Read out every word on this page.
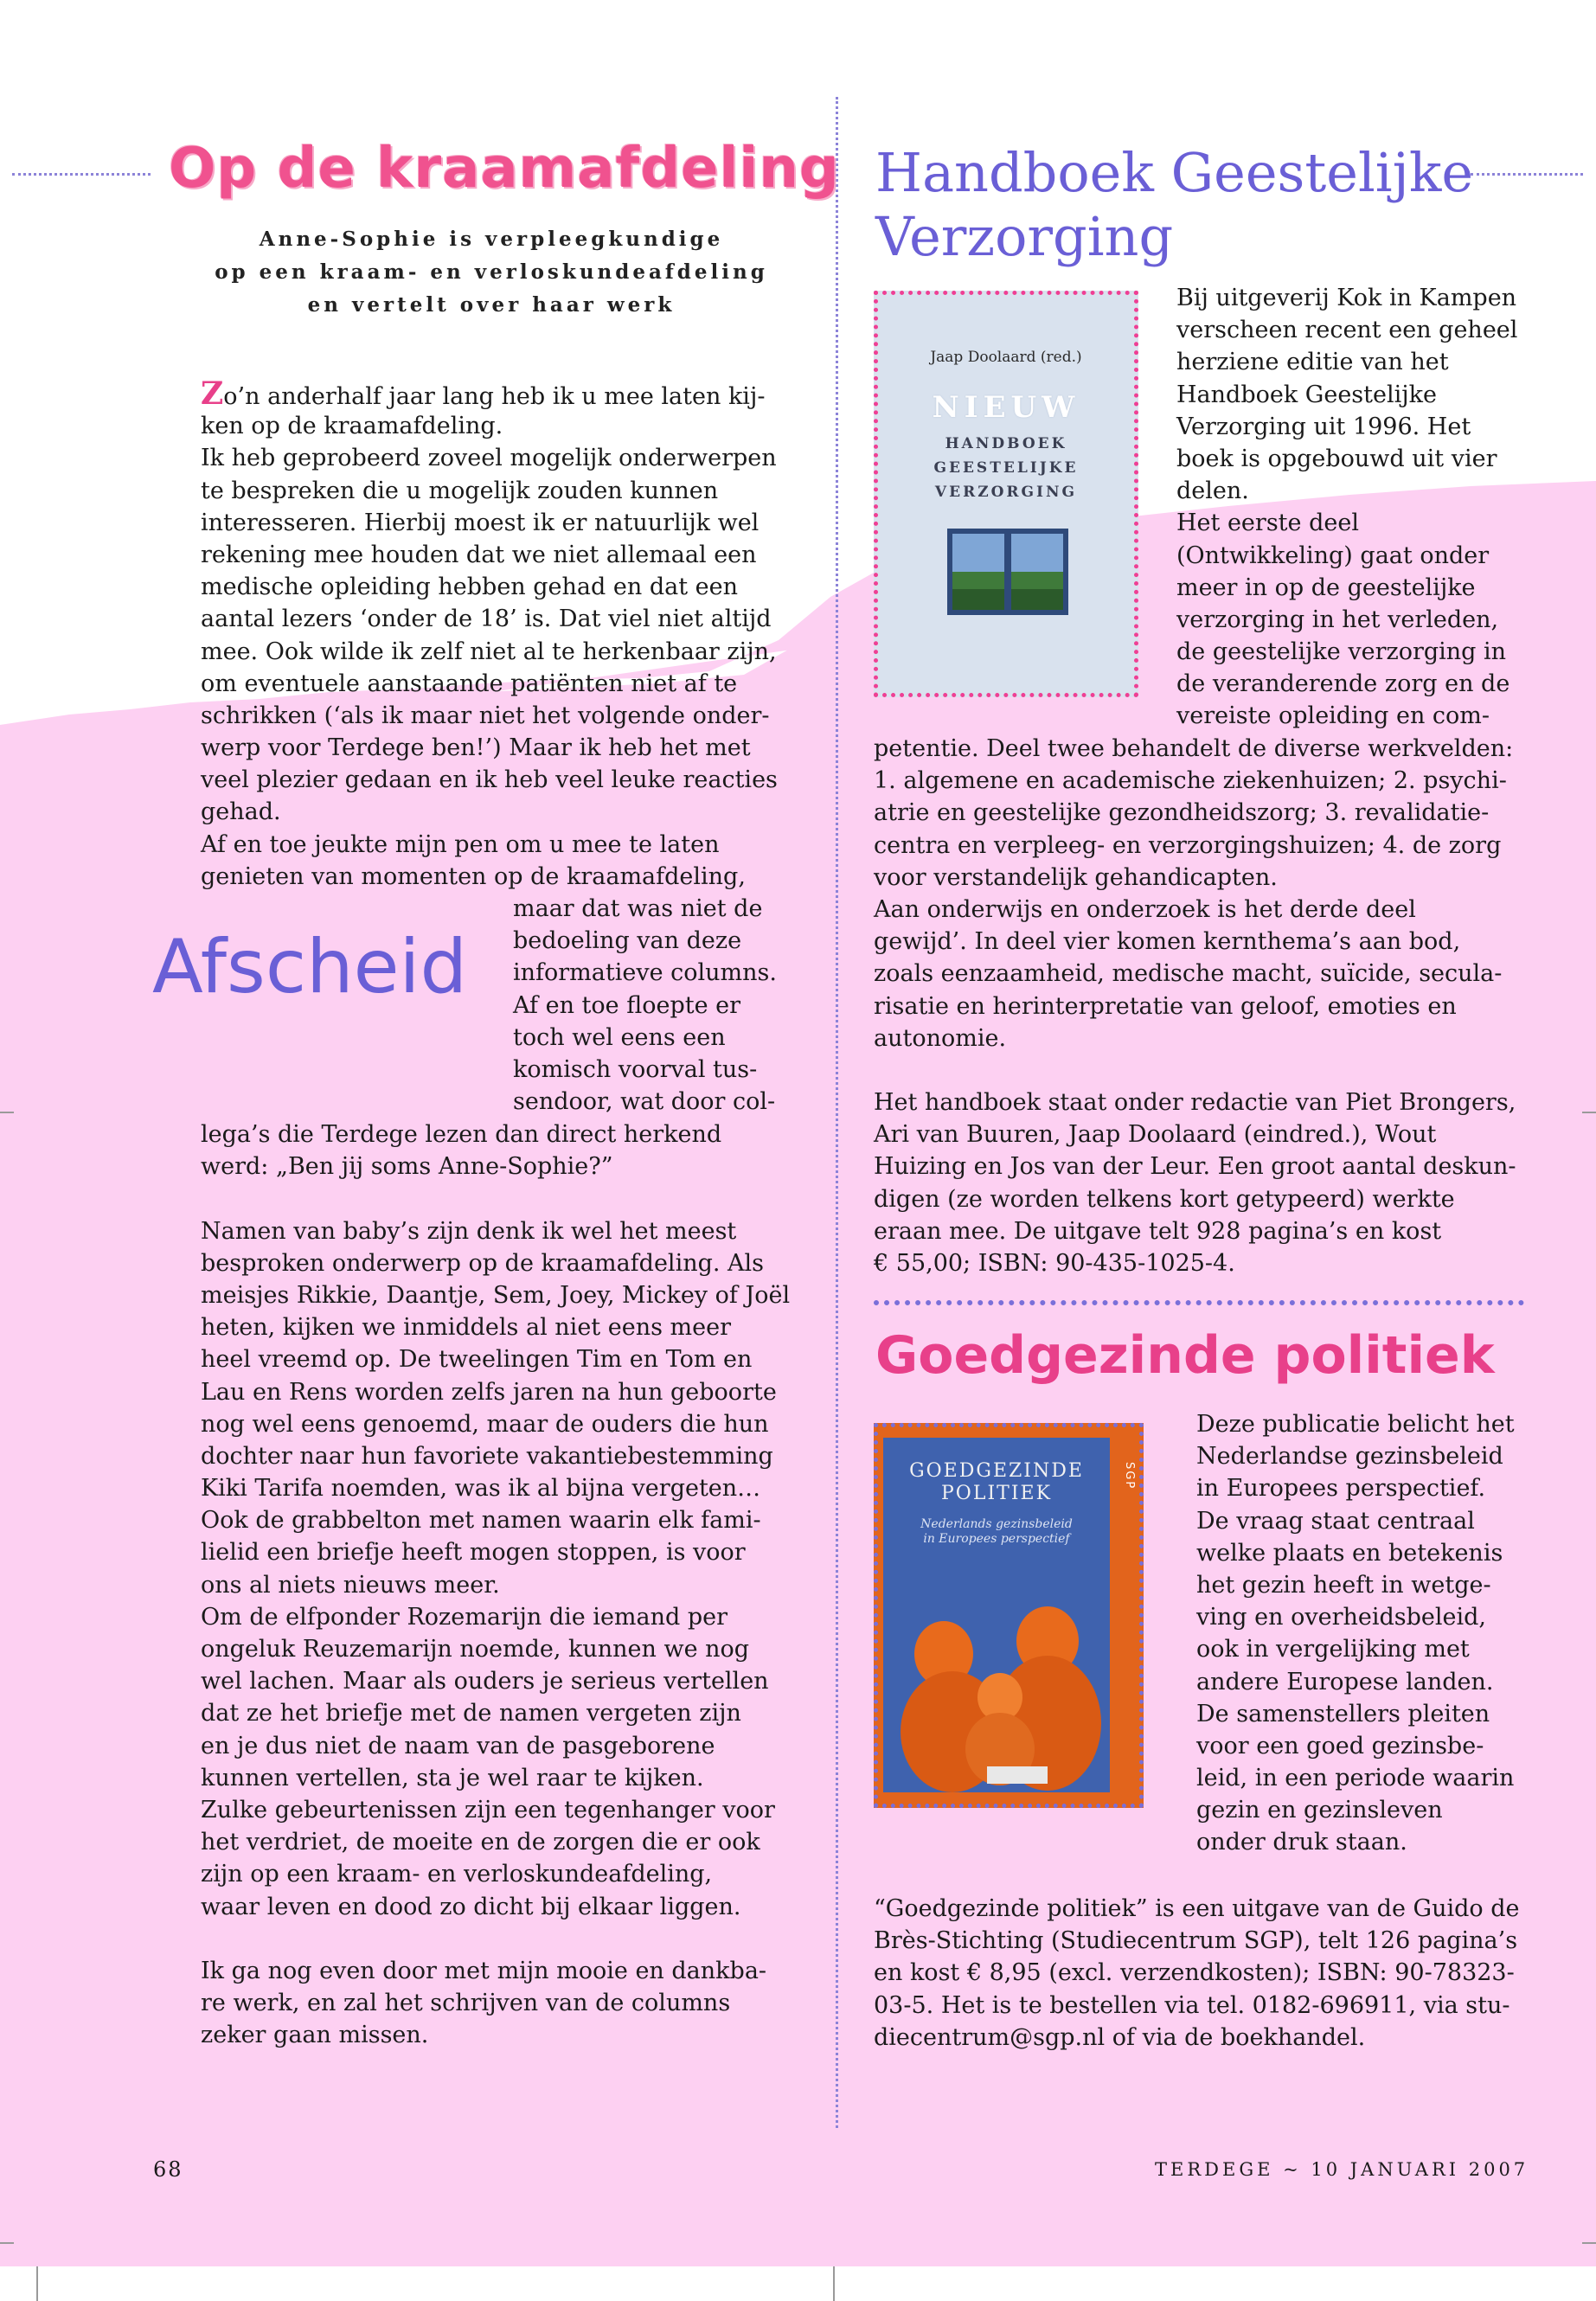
Op de kraamafdeling
Anne-Sophie is verpleegkundige
op een kraam- en verloskundeafdeling
en vertelt over haar werk
Zo’n anderhalf jaar lang heb ik u mee laten kij-
ken op de kraamafdeling.
Ik heb geprobeerd zoveel mogelijk onderwerpen
te bespreken die u mogelijk zouden kunnen
interesseren. Hierbij moest ik er natuurlijk wel
rekening mee houden dat we niet allemaal een
medische opleiding hebben gehad en dat een
aantal lezers ‘onder de 18’ is. Dat viel niet altijd
mee. Ook wilde ik zelf niet al te herkenbaar zijn,
om eventuele aanstaande patiënten niet af te
schrikken (‘als ik maar niet het volgende onder-
werp voor Terdege ben!’) Maar ik heb het met
veel plezier gedaan en ik heb veel leuke reacties
gehad.
Af en toe jeukte mijn pen om u mee te laten
genieten van momenten op de kraamafdeling,
Afscheid
maar dat was niet de
bedoeling van deze
informatieve columns.
Af en toe floepte er
toch wel eens een
komisch voorval tus-
sendoor, wat door col-
lega’s die Terdege lezen dan direct herkend
werd: „Ben jij soms Anne-Sophie?”
Namen van baby’s zijn denk ik wel het meest
besproken onderwerp op de kraamafdeling. Als
meisjes Rikkie, Daantje, Sem, Joey, Mickey of Joël
heten, kijken we inmiddels al niet eens meer
heel vreemd op. De tweelingen Tim en Tom en
Lau en Rens worden zelfs jaren na hun geboorte
nog wel eens genoemd, maar de ouders die hun
dochter naar hun favoriete vakantiebestemming
Kiki Tarifa noemden, was ik al bijna vergeten…
Ook de grabbelton met namen waarin elk fami-
lielid een briefje heeft mogen stoppen, is voor
ons al niets nieuws meer.
Om de elfponder Rozemarijn die iemand per
ongeluk Reuzemarijn noemde, kunnen we nog
wel lachen. Maar als ouders je serieus vertellen
dat ze het briefje met de namen vergeten zijn
en je dus niet de naam van de pasgeborene
kunnen vertellen, sta je wel raar te kijken.
Zulke gebeurtenissen zijn een tegenhanger voor
het verdriet, de moeite en de zorgen die er ook
zijn op een kraam- en verloskundeafdeling,
waar leven en dood zo dicht bij elkaar liggen.
Ik ga nog even door met mijn mooie en dankba-
re werk, en zal het schrijven van de columns
zeker gaan missen.
Handboek Geestelijke
Verzorging
Jaap Doolaard (red.)
NIEUW
HANDBOEK
GEESTELIJKE
VERZORGING
Bij uitgeverij Kok in Kampen
verscheen recent een geheel
herziene editie van het
Handboek Geestelijke
Verzorging uit 1996. Het
boek is opgebouwd uit vier
delen.
Het eerste deel
(Ontwikkeling) gaat onder
meer in op de geestelijke
verzorging in het verleden,
de geestelijke verzorging in
de veranderende zorg en de
vereiste opleiding en com-
petentie. Deel twee behandelt de diverse werkvelden:
1. algemene en academische ziekenhuizen; 2. psychi-
atrie en geestelijke gezondheidszorg; 3. revalidatie-
centra en verpleeg- en verzorgingshuizen; 4. de zorg
voor verstandelijk gehandicapten.
Aan onderwijs en onderzoek is het derde deel
gewijd’. In deel vier komen kernthema’s aan bod,
zoals eenzaamheid, medische macht, suïcide, secula-
risatie en herinterpretatie van geloof, emoties en
autonomie.
Het handboek staat onder redactie van Piet Brongers,
Ari van Buuren, Jaap Doolaard (eindred.), Wout
Huizing en Jos van der Leur. Een groot aantal deskun-
digen (ze worden telkens kort getypeerd) werkte
eraan mee. De uitgave telt 928 pagina’s en kost
€ 55,00; ISBN: 90-435-1025-4.
Goedgezinde politiek
GOEDGEZINDE
POLITIEK
Nederlands gezinsbeleid
in Europees perspectief
SGP
Deze publicatie belicht het
Nederlandse gezinsbeleid
in Europees perspectief.
De vraag staat centraal
welke plaats en betekenis
het gezin heeft in wetge-
ving en overheidsbeleid,
ook in vergelijking met
andere Europese landen.
De samenstellers pleiten
voor een goed gezinsbe-
leid, in een periode waarin
gezin en gezinsleven
onder druk staan.
“Goedgezinde politiek” is een uitgave van de Guido de
Brès-Stichting (Studiecentrum SGP), telt 126 pagina’s
en kost € 8,95 (excl. verzendkosten); ISBN: 90-78323-
03-5. Het is te bestellen via tel. 0182-696911, via stu-
diecentrum@sgp.nl of via de boekhandel.
68	TERDEGE ~ 10 JANUARI 2007
